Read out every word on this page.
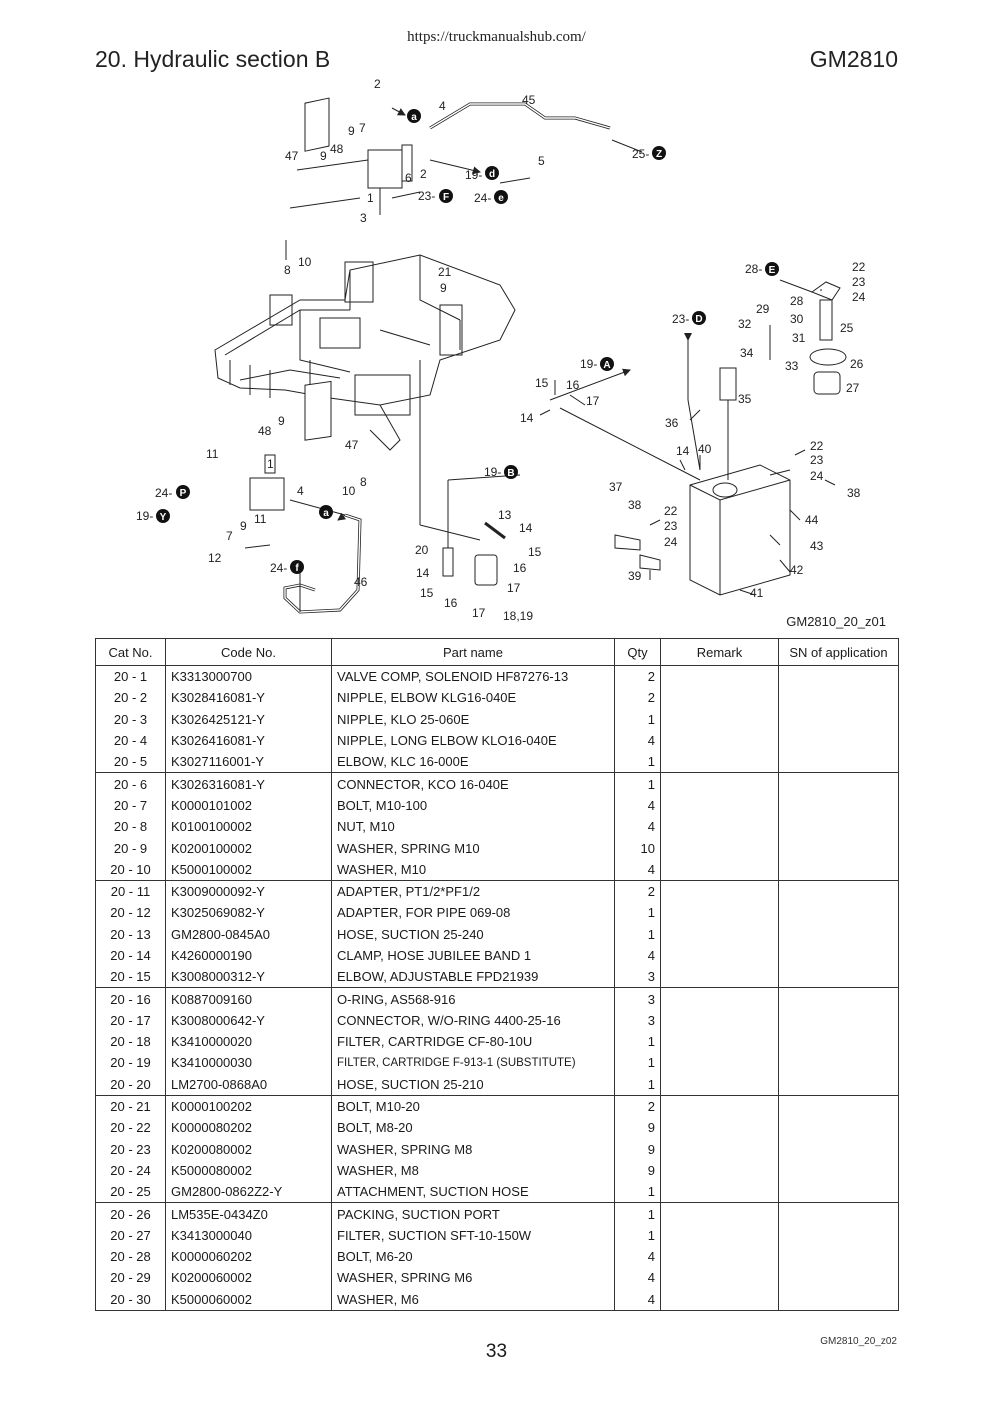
https://truckmanualshub.com/
20. Hydraulic section B	GM2810
2
4	45
9 7
47 9 48
6 2	19-
5	25-
1	23-	24-
3
8
10
21
9
28-	22
23
24
28
29
30
25
23-	32
31
26
34
33
27
19-
15 16
17
14
35
36
9
48
47	14 40	22
23
24
38
11
1
19-
37
24-	4
8
10
38 22
23
24
44
19-
7
9 11	13
14
43
12
24-
20	15
46
14	16
39	42
15
16
17
17 18,19
41
a
d
Z
F	e
E
D
A
B
P
Y
f
a
GM2810_20_z01
Cat No.	Code No.	Part name	Qty	Remark	SN of application
20 - 1	K3313000700	VALVE COMP, SOLENOID HF87276-13	2		
20 - 2	K3028416081-Y	NIPPLE, ELBOW KLG16-040E	2		
20 - 3	K3026425121-Y	NIPPLE, KLO 25-060E	1		
20 - 4	K3026416081-Y	NIPPLE, LONG ELBOW KLO16-040E	4		
20 - 5	K3027116001-Y	ELBOW, KLC 16-000E	1		
20 - 6	K3026316081-Y	CONNECTOR, KCO 16-040E	1		
20 - 7	K0000101002	BOLT, M10-100	4		
20 - 8	K0100100002	NUT, M10	4		
20 - 9	K0200100002	WASHER, SPRING M10	10		
20 - 10	K5000100002	WASHER, M10	4		
20 - 11	K3009000092-Y	ADAPTER, PT1/2*PF1/2	2		
20 - 12	K3025069082-Y	ADAPTER, FOR PIPE 069-08	1		
20 - 13	GM2800-0845A0	HOSE, SUCTION 25-240	1		
20 - 14	K4260000190	CLAMP, HOSE JUBILEE BAND 1	4		
20 - 15	K3008000312-Y	ELBOW, ADJUSTABLE FPD21939	3		
20 - 16	K0887009160	O-RING, AS568-916	3		
20 - 17	K3008000642-Y	CONNECTOR, W/O-RING 4400-25-16	3		
20 - 18	K3410000020	FILTER, CARTRIDGE CF-80-10U	1		
20 - 19	K3410000030	FILTER, CARTRIDGE F-913-1 (SUBSTITUTE)	1		
20 - 20	LM2700-0868A0	HOSE, SUCTION 25-210	1		
20 - 21	K0000100202	BOLT, M10-20	2		
20 - 22	K0000080202	BOLT, M8-20	9		
20 - 23	K0200080002	WASHER, SPRING M8	9		
20 - 24	K5000080002	WASHER, M8	9		
20 - 25	GM2800-0862Z2-Y	ATTACHMENT, SUCTION HOSE	1		
20 - 26	LM535E-0434Z0	PACKING, SUCTION PORT	1		
20 - 27	K3413000040	FILTER, SUCTION SFT-10-150W	1		
20 - 28	K0000060202	BOLT, M6-20	4		
20 - 29	K0200060002	WASHER, SPRING M6	4		
20 - 30	K5000060002	WASHER, M6	4		
GM2810_20_z02
33
